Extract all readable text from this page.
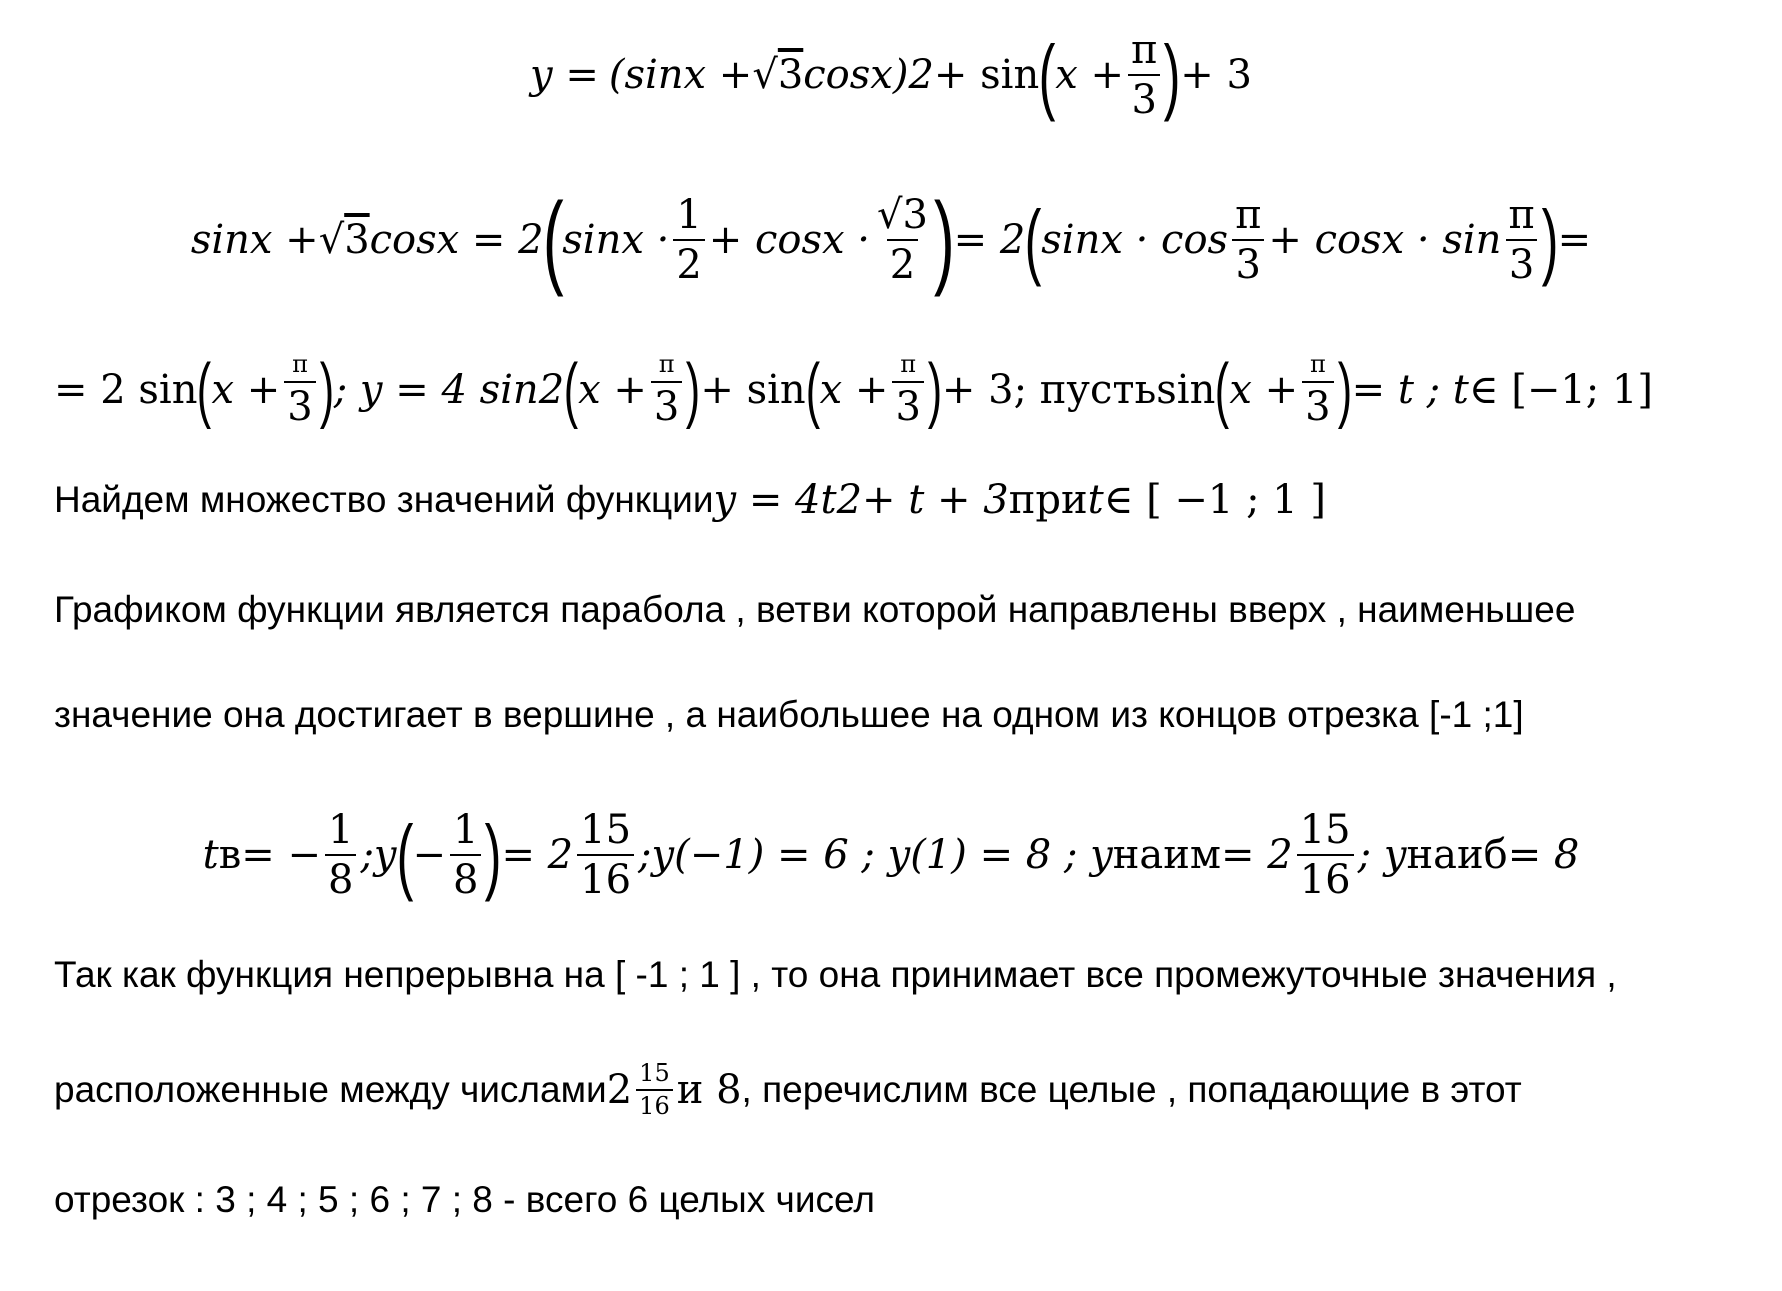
y = (sinx + √3 cosx) 2 + sin ( $x + \frac{\pi}{3}$ ) + 3
sinx + √3 cosx = 2
(
$\sin x \cdot \frac{1}{2} + \cos x \cdot \frac{√3}{2}$ )
= 2 ( $\sin x \cdot \cos \frac{\pi}{3} + \cos x \cdot \sin \frac{\pi}{3}$ ) =
= 2 sin ( $x + \frac{\pi}{3}$ ) ; y = 4 sin 2 ( $x + \frac{\pi}{3}$ ) + sin ( $x + \frac{\pi}{3}$ ) + 3 ; пусть sin ( $x + \frac{\pi}{3}$ ) = t ; t ∈ [−1; 1]
Найдем множество значений функции y = 4t 2 + t + 3 при t ∈ [ −1 ; 1 ]
Графиком функции является парабола , ветви которой направлены вверх , наименьшее
значение она достигает в вершине , а наибольшее на одном из концов отрезка [-1 ;1]
t в = − $\frac{1}{8}$ ;y ( − $\frac{1}{8}$ ) = $2 \frac{15}{16}$ ;y(−1) = 6 ; y(1) = 8 ; y наим = $2 \frac{15}{16}$ ; y наиб = 8
Так как функция непрерывна на [ -1 ; 1 ] , то она принимает все промежуточные значения ,
расположенные между числами $2 \frac{15}{16}$ и 8 , перечислим все целые , попадающие в этот
отрезок : 3 ; 4 ; 5 ; 6 ; 7 ; 8 - всего 6 целых чисел
